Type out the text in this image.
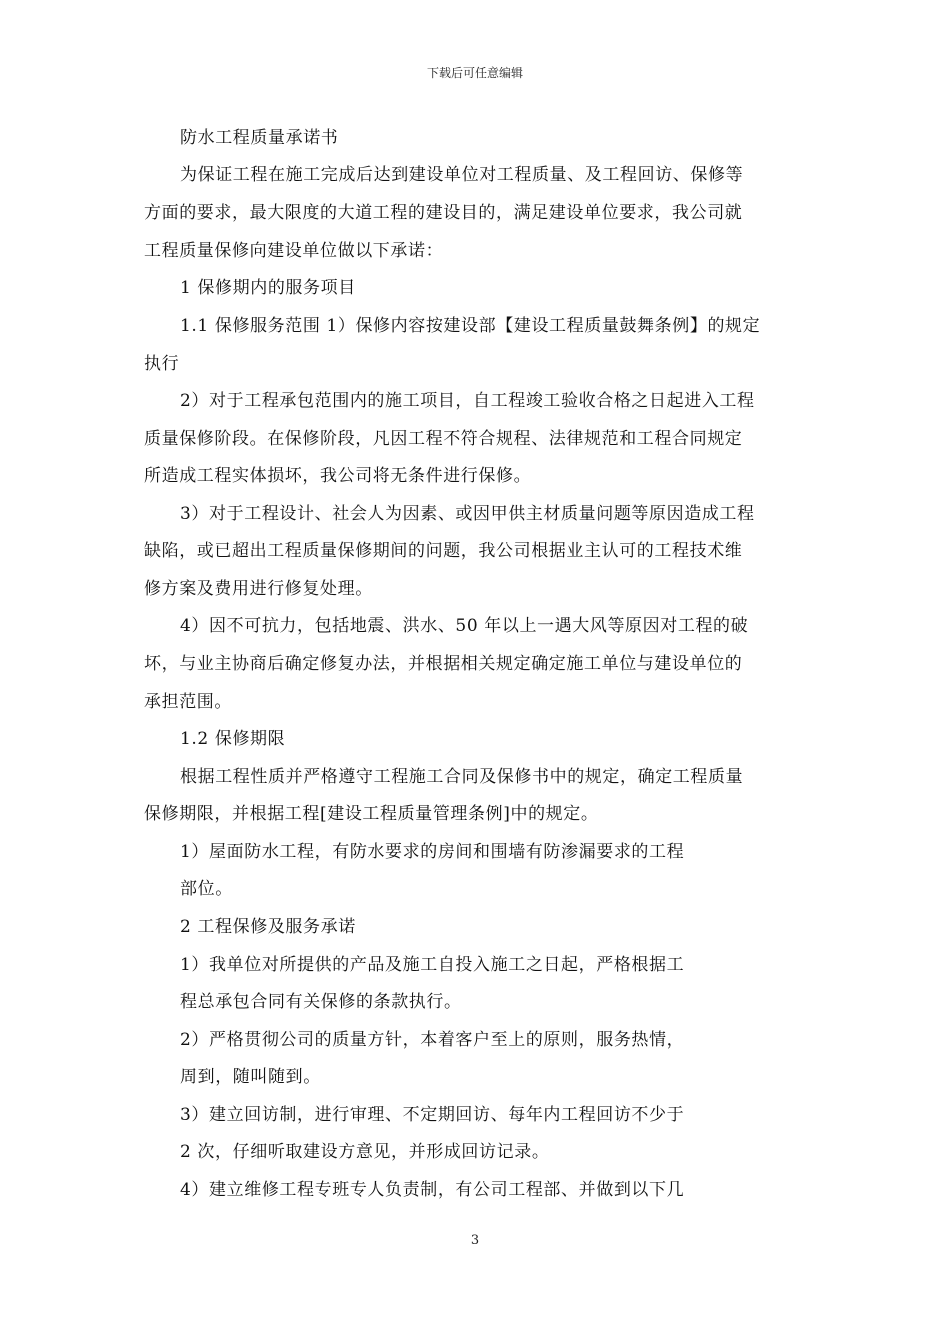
下载后可任意编辑
防水工程质量承诺书
为保证工程在施工完成后达到建设单位对工程质量、及工程回访、保修等
方面的要求，最大限度的大道工程的建设目的，满足建设单位要求，我公司就
工程质量保修向建设单位做以下承诺：
1 保修期内的服务项目
1.1 保修服务范围 1）保修内容按建设部【建设工程质量鼓舞条例】的规定
执行
2）对于工程承包范围内的施工项目，自工程竣工验收合格之日起进入工程
质量保修阶段。在保修阶段，凡因工程不符合规程、法律规范和工程合同规定
所造成工程实体损坏，我公司将无条件进行保修。
3）对于工程设计、社会人为因素、或因甲供主材质量问题等原因造成工程
缺陷，或已超出工程质量保修期间的问题，我公司根据业主认可的工程技术维
修方案及费用进行修复处理。
4）因不可抗力，包括地震、洪水、50 年以上一遇大风等原因对工程的破
坏，与业主协商后确定修复办法，并根据相关规定确定施工单位与建设单位的
承担范围。
1.2 保修期限
根据工程性质并严格遵守工程施工合同及保修书中的规定，确定工程质量
保修期限，并根据工程[建设工程质量管理条例]中的规定。
1）屋面防水工程，有防水要求的房间和围墙有防渗漏要求的工程
部位。
2 工程保修及服务承诺
1）我单位对所提供的产品及施工自投入施工之日起，严格根据工
程总承包合同有关保修的条款执行。
2）严格贯彻公司的质量方针，本着客户至上的原则，服务热情，
周到，随叫随到。
3）建立回访制，进行审理、不定期回访、每年内工程回访不少于
2 次，仔细听取建设方意见，并形成回访记录。
4）建立维修工程专班专人负责制，有公司工程部、并做到以下几
3
